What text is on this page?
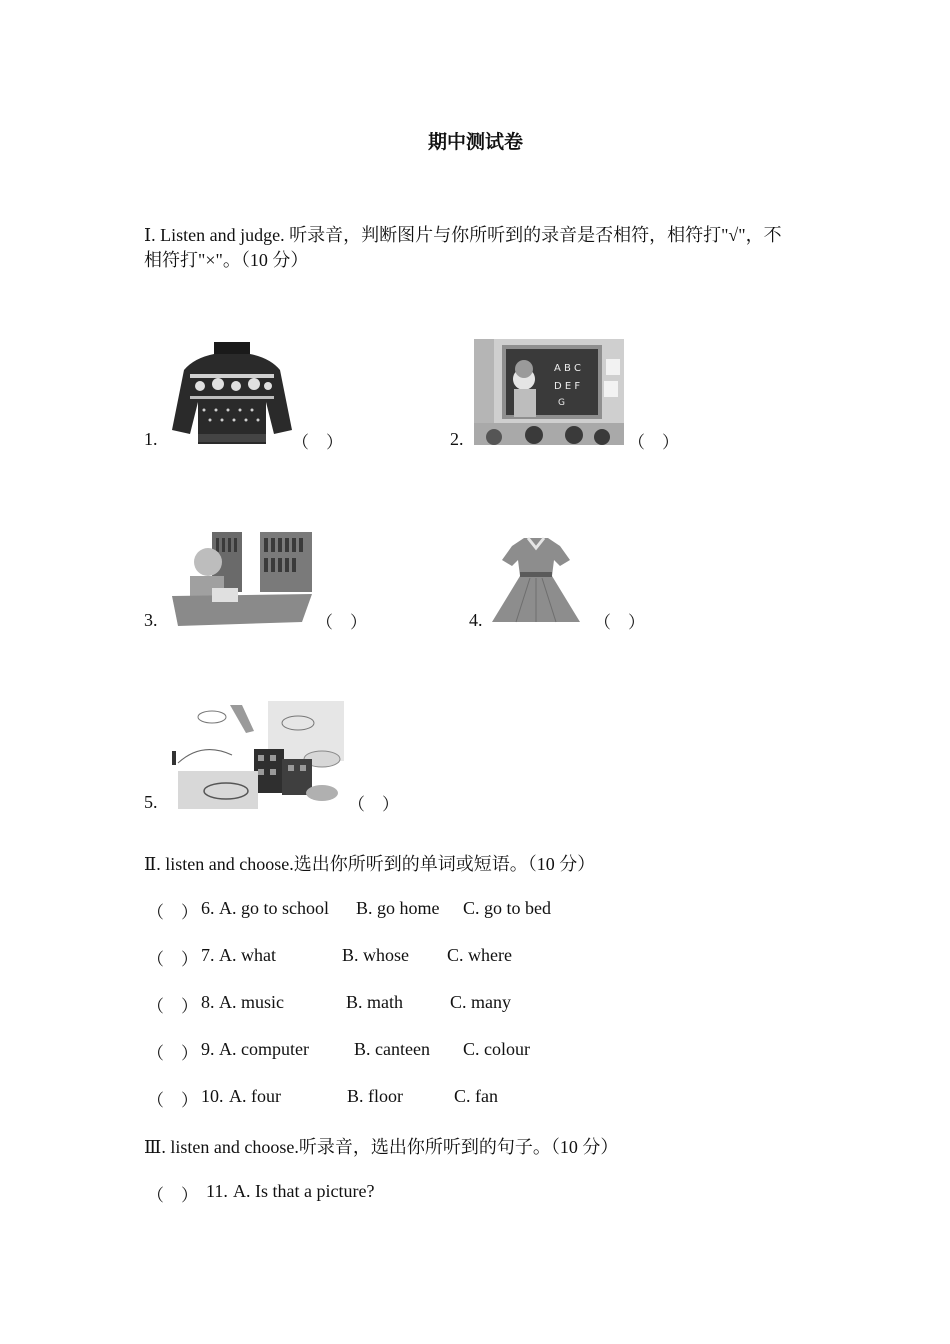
期中测试卷
Ⅰ. Listen and judge. 听录音，判断图片与你所听到的录音是否相符，相符打"√"，不
相符打"×"。（10 分）
1.	（　）	2.
A B C
D E F
G
（　）
3.	（　）	4.	（　）
5.	（　）
Ⅱ. listen and choose.选出你所听到的单词或短语。（10 分）
（　） 6. A. go to school B. go home C. go to bed
（　） 7. A. what	B. whose C. where
（　） 8. A. music	B. math	C. many
（　） 9. A. computer	B. canteen C. colour
（　） 10. A. four	B. floor	C. fan
Ⅲ. listen and choose.听录音，选出你所听到的句子。（10 分）
（　） 11. A. Is that a picture?
